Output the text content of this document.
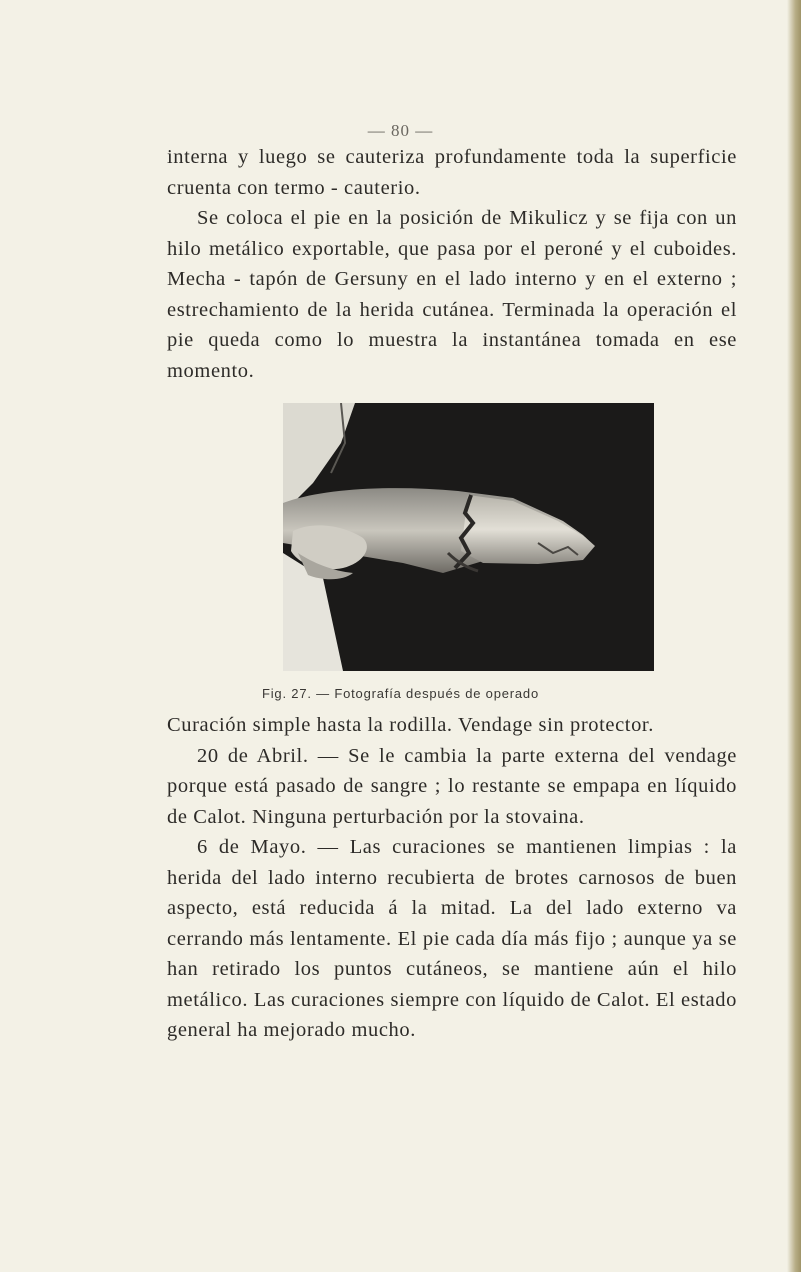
— 80 —

interna y luego se cauteriza profundamente toda la superficie cruenta con termo - cauterio.

Se coloca el pie en la posición de Mikulicz y se fija con un hilo metálico exportable, que pasa por el peroné y el cuboides. Mecha - tapón de Gersuny en el lado interno y en el externo ; estrechamiento de la herida cutánea. Terminada la operación el pie queda como lo muestra la instantánea tomada en ese momento.

Fig. 27. — Fotografía después de operado

Curación simple hasta la rodilla. Vendage sin protector.

20 de Abril. — Se le cambia la parte externa del vendage porque está pasado de sangre ; lo restante se empapa en líquido de Calot. Ninguna perturbación por la stovaina.

6 de Mayo. — Las curaciones se mantienen limpias : la herida del lado interno recubierta de brotes carnosos de buen aspecto, está reducida á la mitad. La del lado externo va cerrando más lentamente. El pie cada día más fijo ; aunque ya se han retirado los puntos cutáneos, se mantiene aún el hilo metálico. Las curaciones siempre con líquido de Calot. El estado general ha mejorado mucho.
